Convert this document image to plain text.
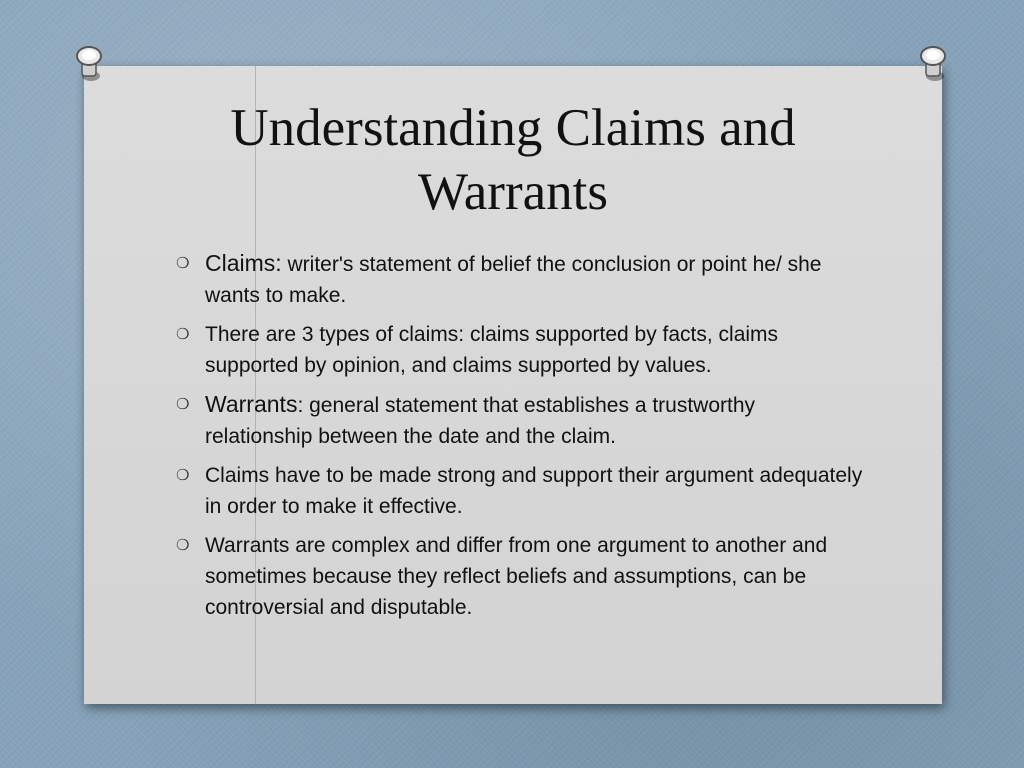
Understanding Claims and
Warrants
❍ Claims: writer's statement of belief the conclusion or point he/ she wants to make.
❍ There are 3 types of claims: claims supported by facts, claims supported by opinion, and claims supported by values.
❍ Warrants: general statement that establishes a trustworthy relationship between the date and the claim.
❍ Claims have to be made strong and support their argument adequately in order to make it effective.
❍ Warrants are complex and differ from one argument to another and sometimes because they reflect beliefs and assumptions, can be controversial and disputable.
